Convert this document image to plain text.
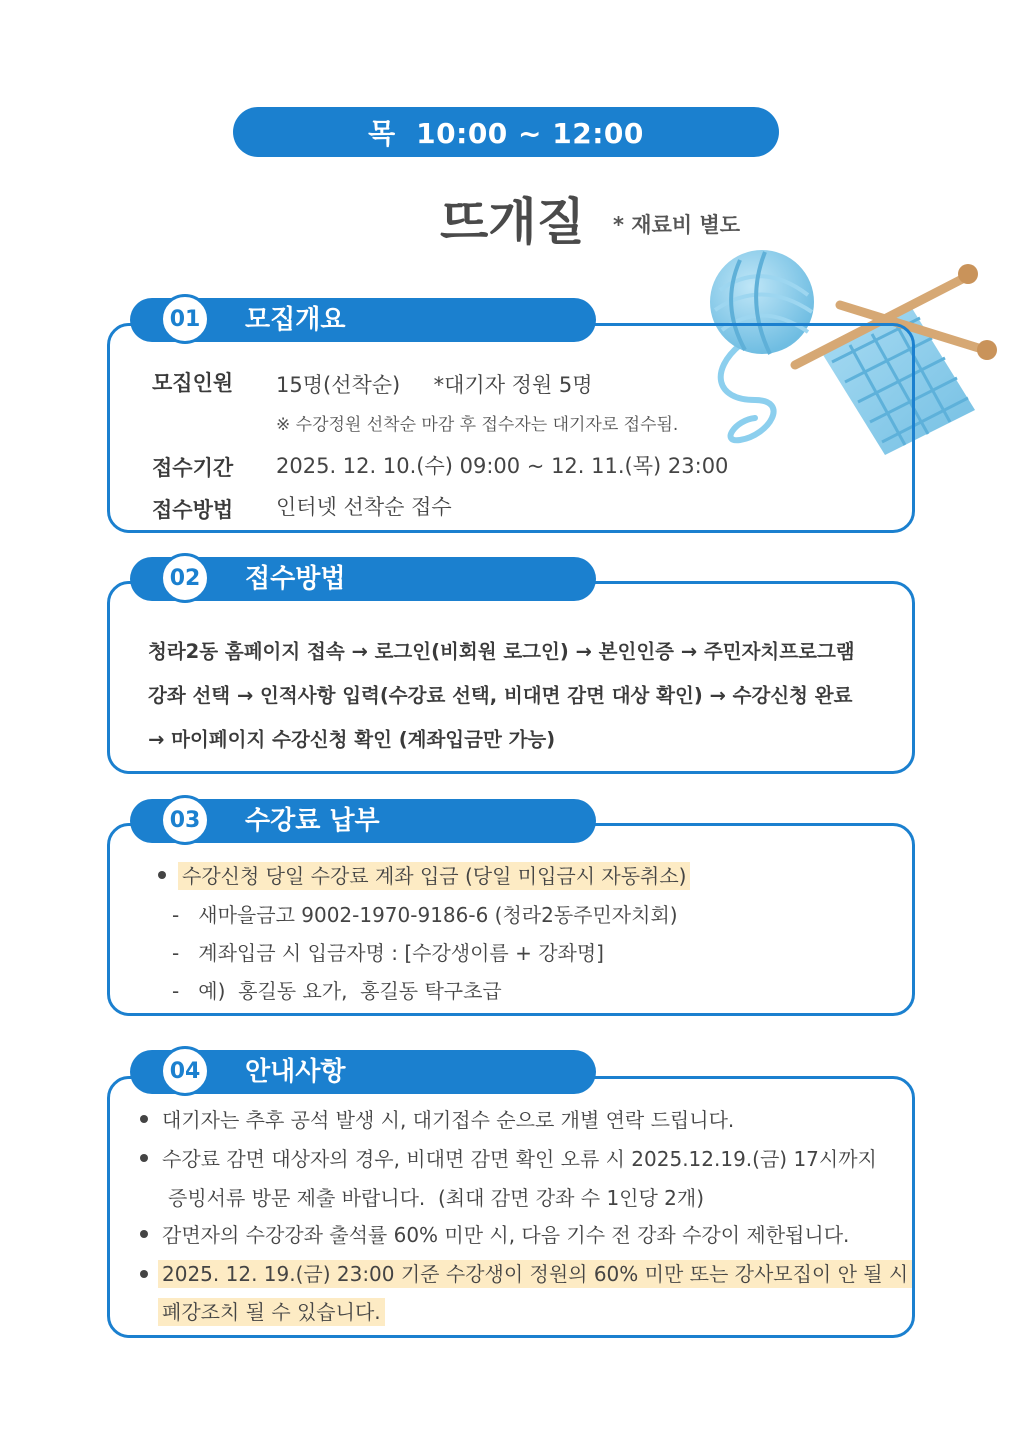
목  10:00 ~ 12:00
뜨개질 * 재료비 별도
01	모집개요
모집인원 15명(선착순)     *대기자 정원 5명
※ 수강정원 선착순 마감 후 접수자는 대기자로 접수됨.
접수기간 2025. 12. 10.(수) 09:00 ~ 12. 11.(목) 23:00
접수방법 인터넷 선착순 접수
02	접수방법
청라2동 홈페이지 접속 → 로그인(비회원 로그인) → 본인인증 → 주민자치프로그램
강좌 선택 → 인적사항 입력(수강료 선택, 비대면 감면 대상 확인) → 수강신청 완료
→ 마이페이지 수강신청 확인 (계좌입금만 가능)
03	수강료 납부
수강신청 당일 수강료 계좌 입금 (당일 미입금시 자동취소)
-   새마을금고 9002-1970-9186-6 (청라2동주민자치회)
-   계좌입금 시 입금자명 : [수강생이름 + 강좌명]
-   예)  홍길동 요가,  홍길동 탁구초급
04	안내사항
대기자는 추후 공석 발생 시, 대기접수 순으로 개별 연락 드립니다.
수강료 감면 대상자의 경우, 비대면 감면 확인 오류 시 2025.12.19.(금) 17시까지
증빙서류 방문 제출 바랍니다.  (최대 감면 강좌 수 1인당 2개)
감면자의 수강강좌 출석률 60% 미만 시, 다음 기수 전 강좌 수강이 제한됩니다.
2025. 12. 19.(금) 23:00 기준 수강생이 정원의 60% 미만 또는 강사모집이 안 될 시
폐강조치 될 수 있습니다.
